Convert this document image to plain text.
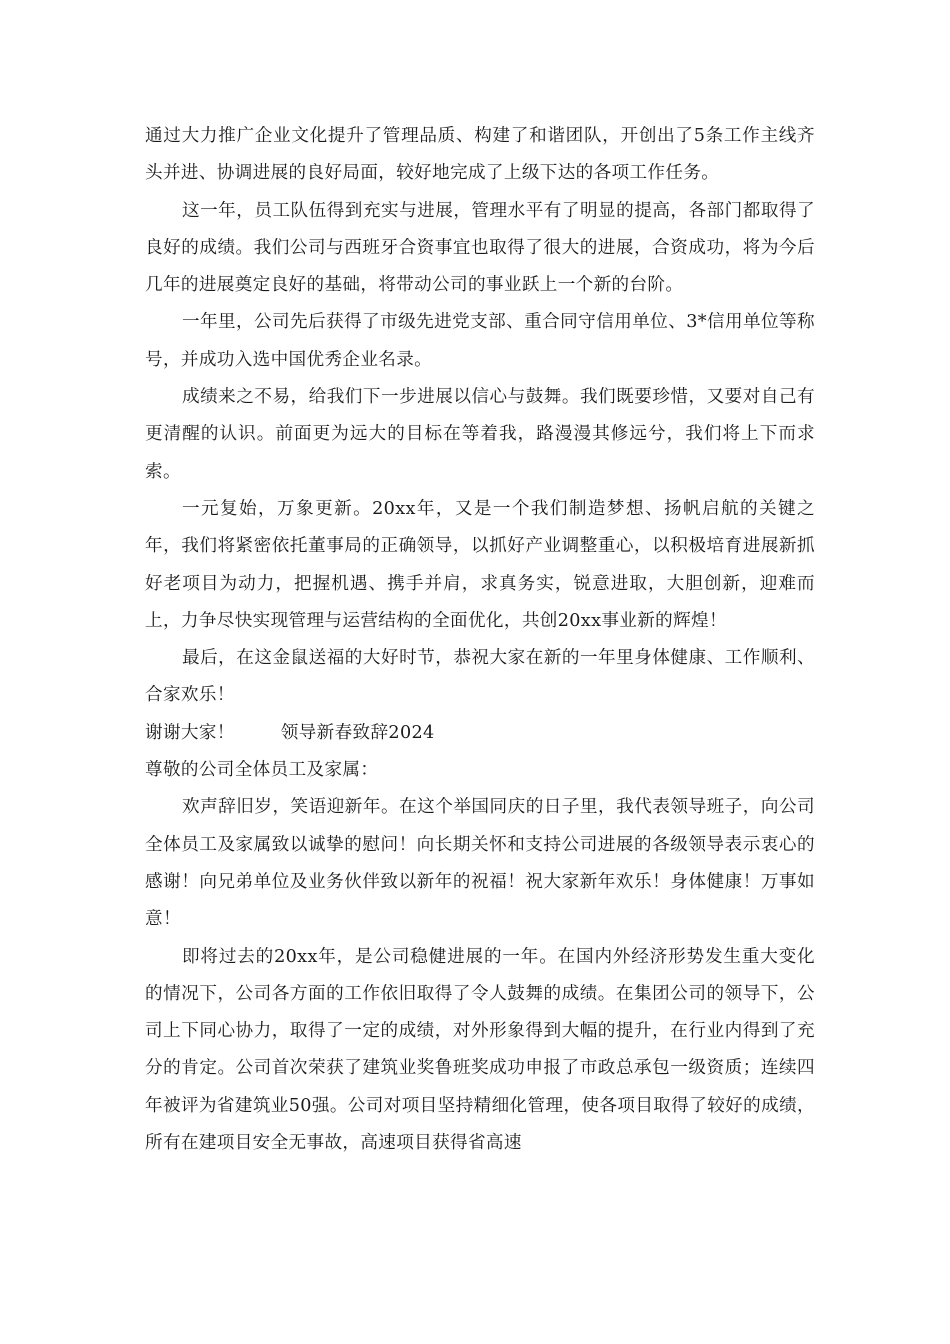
通过大力推广企业文化提升了管理品质、构建了和谐团队，开创出了5条工作主线齐头并进、协调进展的良好局面，较好地完成了上级下达的各项工作任务。

这一年，员工队伍得到充实与进展，管理水平有了明显的提高，各部门都取得了良好的成绩。我们公司与西班牙合资事宜也取得了很大的进展，合资成功，将为今后几年的进展奠定良好的基础，将带动公司的事业跃上一个新的台阶。

一年里，公司先后获得了市级先进党支部、重合同守信用单位、3*信用单位等称号，并成功入选中国优秀企业名录。

成绩来之不易，给我们下一步进展以信心与鼓舞。我们既要珍惜，又要对自己有更清醒的认识。前面更为远大的目标在等着我，路漫漫其修远兮，我们将上下而求索。

一元复始，万象更新。20xx年，又是一个我们制造梦想、扬帆启航的关键之年，我们将紧密依托董事局的正确领导，以抓好产业调整重心，以积极培育进展新抓好老项目为动力，把握机遇、携手并肩，求真务实，锐意进取，大胆创新，迎难而上，力争尽快实现管理与运营结构的全面优化，共创20xx事业新的辉煌！

最后，在这金鼠送福的大好时节，恭祝大家在新的一年里身体健康、工作顺利、合家欢乐！

谢谢大家！	领导新春致辞2024

尊敬的公司全体员工及家属：

欢声辞旧岁，笑语迎新年。在这个举国同庆的日子里，我代表领导班子，向公司全体员工及家属致以诚挚的慰问！向长期关怀和支持公司进展的各级领导表示衷心的感谢！向兄弟单位及业务伙伴致以新年的祝福！祝大家新年欢乐！身体健康！万事如意！

即将过去的20xx年，是公司稳健进展的一年。在国内外经济形势发生重大变化的情况下，公司各方面的工作依旧取得了令人鼓舞的成绩。在集团公司的领导下，公司上下同心协力，取得了一定的成绩，对外形象得到大幅的提升，在行业内得到了充分的肯定。公司首次荣获了建筑业奖鲁班奖成功申报了市政总承包一级资质；连续四年被评为省建筑业50强。公司对项目坚持精细化管理，使各项目取得了较好的成绩，所有在建项目安全无事故，高速项目获得省高速
